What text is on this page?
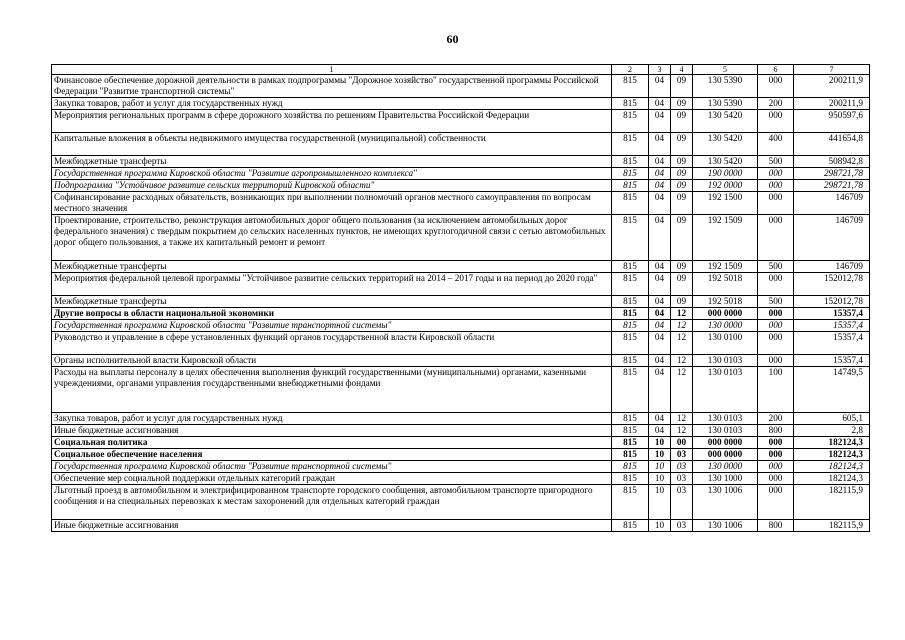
60
1	2	3	4	5	6	7
Финансовое обеспечение дорожной деятельности в рамках подпрограммы "Дорожное хозяйство" государственной программы Российской Федерации "Развитие транспортной системы"	815	04	09	130 5390	000	200211,9
Закупка товаров, работ и услуг для государственных нужд	815	04	09	130 5390	200	200211,9
Мероприятия региональных программ в сфере дорожного хозяйства по решениям Правительства Российской Федерации	815	04	09	130 5420	000	950597,6
Капитальные вложения в объекты недвижимого имущества государственной (муниципальной) собственности	815	04	09	130 5420	400	441654,8
Межбюджетные трансферты	815	04	09	130 5420	500	508942,8
Государственная программа Кировской области "Развитие агропромышленного комплекса"	815	04	09	190 0000	000	298721,78
Подпрограмма "Устойчивое развитие сельских территорий Кировской области"	815	04	09	192 0000	000	298721,78
Софинансирование расходных обязательств, возникающих при выполнении полномочий органов местного самоуправления по вопросам местного значения	815	04	09	192 1500	000	146709
Проектирование, строительство, реконструкция автомобильных дорог общего пользования (за исключением автомобильных дорог федерального значения) с твердым покрытием до сельских населенных пунктов, не имеющих круглогодичной связи с сетью автомобильных дорог общего пользования, а также их капитальный ремонт и ремонт	815	04	09	192 1509	000	146709
Межбюджетные трансферты	815	04	09	192 1509	500	146709
Мероприятия федеральной целевой программы "Устойчивое развитие сельских территорий на 2014 – 2017 годы и на период до 2020 года"	815	04	09	192 5018	000	152012,78
Межбюджетные трансферты	815	04	09	192 5018	500	152012,78
Другие вопросы в области национальной экономики	815	04	12	000 0000	000	15357,4
Государственная программа Кировской области "Развитие транспортной системы"	815	04	12	130 0000	000	15357,4
Руководство и управление в сфере установленных функций органов государственной власти Кировской области	815	04	12	130 0100	000	15357,4
Органы исполнительной власти Кировской области	815	04	12	130 0103	000	15357,4
Расходы на выплаты персоналу в целях обеспечения выполнения функций государственными (муниципальными) органами, казенными учреждениями, органами управления государственными внебюджетными фондами	815	04	12	130 0103	100	14749,5
Закупка товаров, работ и услуг для государственных нужд	815	04	12	130 0103	200	605,1
Иные бюджетные ассигнования	815	04	12	130 0103	800	2,8
Социальная политика	815	10	00	000 0000	000	182124,3
Социальное обеспечение населения	815	10	03	000 0000	000	182124,3
Государственная программа Кировской области "Развитие транспортной системы"	815	10	03	130 0000	000	182124,3
Обеспечение мер социальной поддержки отдельных категорий граждан	815	10	03	130 1000	000	182124,3
Льготный проезд в автомобильном и электрифицированном транспорте городского сообщения, автомобильном транспорте пригородного сообщения и на специальных перевозках к местам захоронений для отдельных категорий граждан	815	10	03	130 1006	000	182115,9
Иные бюджетные ассигнования	815	10	03	130 1006	800	182115,9
